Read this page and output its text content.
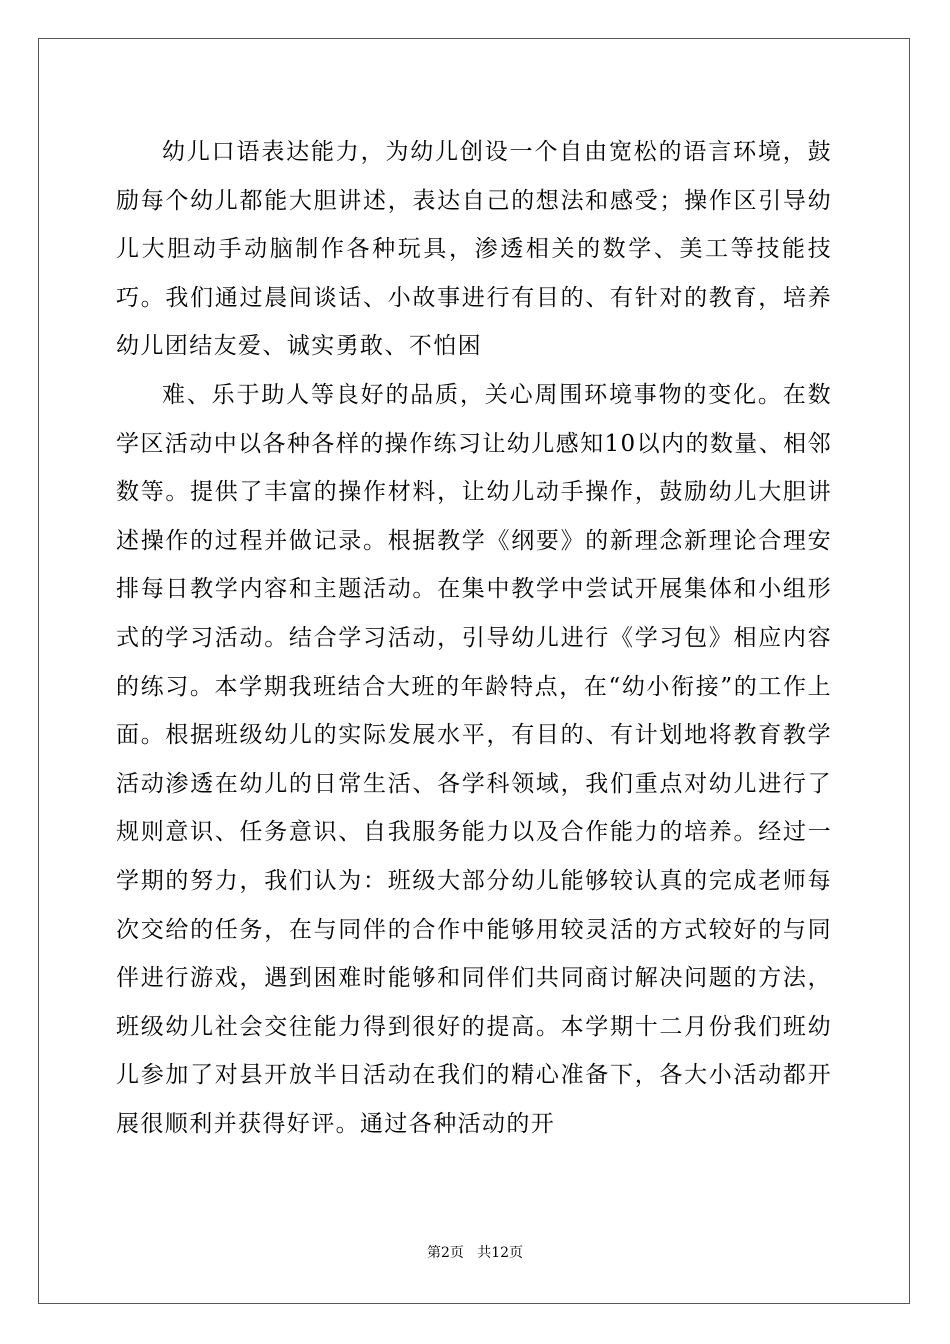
幼儿口语表达能力，为幼儿创设一个自由宽松的语言环境，鼓励每个幼儿都能大胆讲述，表达自己的想法和感受；操作区引导幼儿大胆动手动脑制作各种玩具，渗透相关的数学、美工等技能技巧。我们通过晨间谈话、小故事进行有目的、有针对的教育，培养幼儿团结友爱、诚实勇敢、不怕困

难、乐于助人等良好的品质，关心周围环境事物的变化。在数学区活动中以各种各样的操作练习让幼儿感知10以内的数量、相邻数等。提供了丰富的操作材料，让幼儿动手操作，鼓励幼儿大胆讲述操作的过程并做记录。根据教学《纲要》的新理念新理论合理安排每日教学内容和主题活动。在集中教学中尝试开展集体和小组形式的学习活动。结合学习活动，引导幼儿进行《学习包》相应内容的练习。本学期我班结合大班的年龄特点，在“幼小衔接”的工作上面。根据班级幼儿的实际发展水平，有目的、有计划地将教育教学活动渗透在幼儿的日常生活、各学科领域，我们重点对幼儿进行了规则意识、任务意识、自我服务能力以及合作能力的培养。经过一学期的努力，我们认为：班级大部分幼儿能够较认真的完成老师每次交给的任务，在与同伴的合作中能够用较灵活的方式较好的与同伴进行游戏，遇到困难时能够和同伴们共同商讨解决问题的方法，班级幼儿社会交往能力得到很好的提高。本学期十二月份我们班幼儿参加了对县开放半日活动在我们的精心准备下，各大小活动都开展很顺利并获得好评。通过各种活动的开

第2页   共12页
